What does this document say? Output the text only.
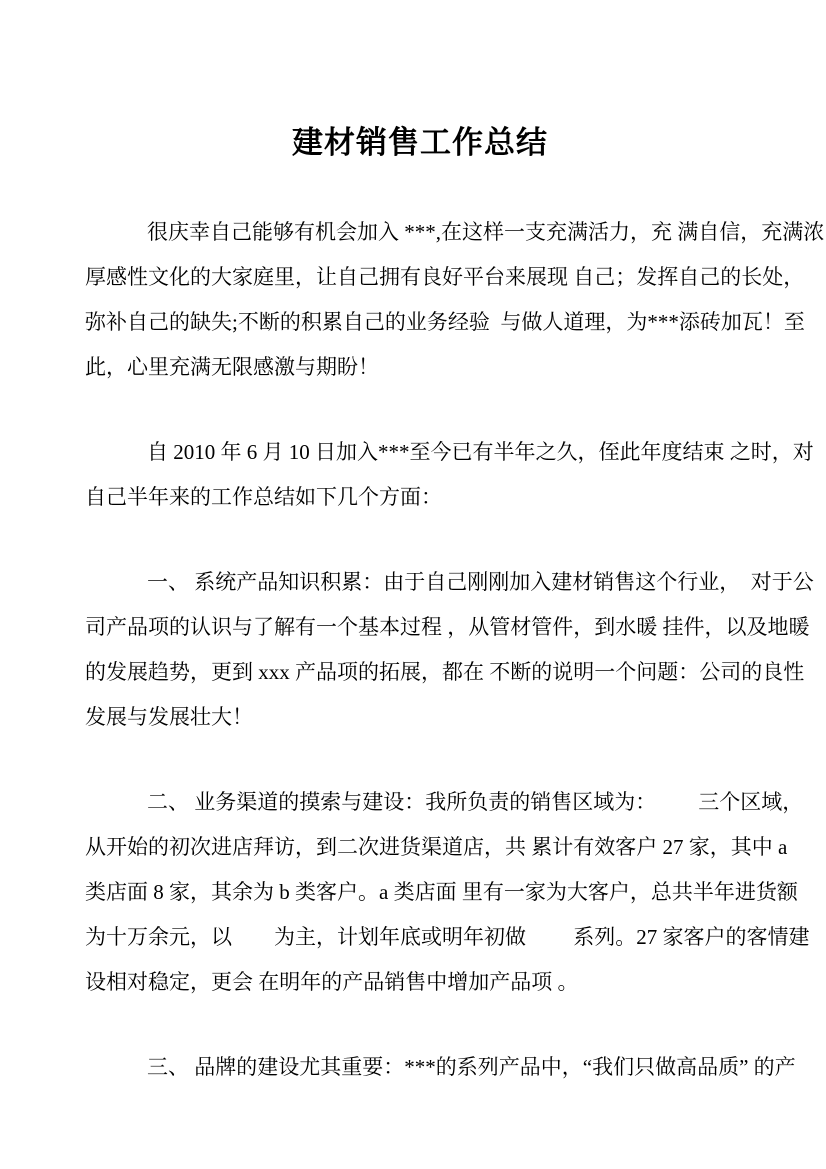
建材销售工作总结
很庆幸自己能够有机会加入 ***,在这样一支充满活力，充 满自信，充满浓
厚感性文化的大家庭里，让自己拥有良好平台来展现 自己；发挥自己的长处，
弥补自己的缺失;不断的积累自己的业务经验  与做人道理，为***添砖加瓦！至
此，心里充满无限感激与期盼！
自 2010 年 6 月 10 日加入***至今已有半年之久，侄此年度结束 之时，对
自己半年来的工作总结如下几个方面：
一、 系统产品知识积累：由于自己刚刚加入建材销售这个行业，  对于公
司产品项的认识与了解有一个基本过程 ，从管材管件，到水暖 挂件，以及地暖
的发展趋势，更到 xxx 产品项的拓展，都在 不断的说明一个问题：公司的良性
发展与发展壮大！
二、 业务渠道的摸索与建设：我所负责的销售区域为：　　  三个区域，
从开始的初次进店拜访，到二次进货渠道店，共 累计有效客户 27 家，其中 a
类店面 8 家，其余为 b 类客户。a 类店面 里有一家为大客户，总共半年进货额
为十万余元，以　　为主，计划年底或明年初做　　 系列。27 家客户的客情建
设相对稳定，更会 在明年的产品销售中增加产品项 。
三、 品牌的建设尤其重要：***的系列产品中，“我们只做高品质” 的产
